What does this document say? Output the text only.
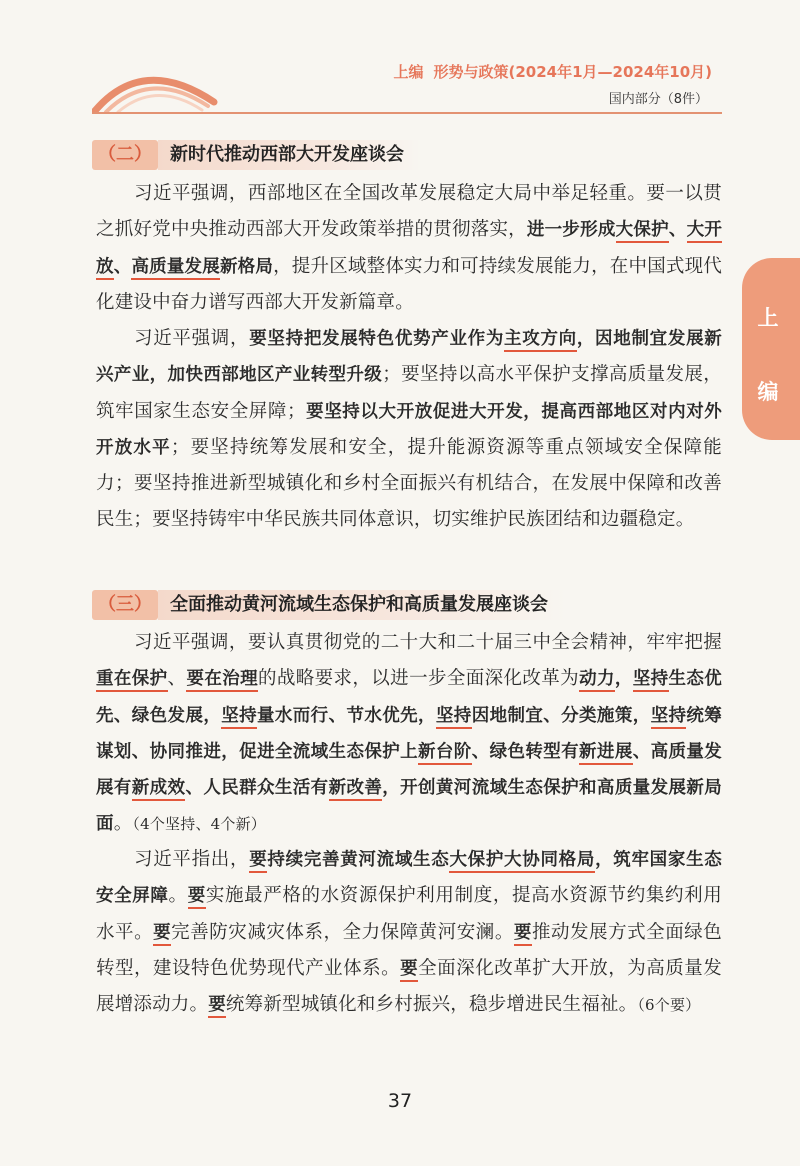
上编 形势与政策(2024年1月—2024年10月)
国内部分（8件）
上
编
（二）	新时代推动西部大开发座谈会

习近平强调，西部地区在全国改革发展稳定大局中举足轻重。要一以贯之抓好党中央推动西部大开发政策举措的贯彻落实，进一步形成大保护、大开放、高质量发展新格局，提升区域整体实力和可持续发展能力，在中国式现代化建设中奋力谱写西部大开发新篇章。

习近平强调，要坚持把发展特色优势产业作为主攻方向，因地制宜发展新兴产业，加快西部地区产业转型升级；要坚持以高水平保护支撑高质量发展，筑牢国家生态安全屏障；要坚持以大开放促进大开发，提高西部地区对内对外开放水平；要坚持统筹发展和安全，提升能源资源等重点领域安全保障能力；要坚持推进新型城镇化和乡村全面振兴有机结合，在发展中保障和改善民生；要坚持铸牢中华民族共同体意识，切实维护民族团结和边疆稳定。

（三）	全面推动黄河流域生态保护和高质量发展座谈会

习近平强调，要认真贯彻党的二十大和二十届三中全会精神，牢牢把握重在保护、要在治理的战略要求，以进一步全面深化改革为动力，坚持生态优先、绿色发展，坚持量水而行、节水优先，坚持因地制宜、分类施策，坚持统筹谋划、协同推进，促进全流域生态保护上新台阶、绿色转型有新进展、高质量发展有新成效、人民群众生活有新改善，开创黄河流域生态保护和高质量发展新局面。（4个坚持、4个新）

习近平指出，要持续完善黄河流域生态大保护大协同格局，筑牢国家生态安全屏障。要实施最严格的水资源保护利用制度，提高水资源节约集约利用水平。要完善防灾减灾体系，全力保障黄河安澜。要推动发展方式全面绿色转型，建设特色优势现代产业体系。要全面深化改革扩大开放，为高质量发展增添动力。要统筹新型城镇化和乡村振兴，稳步增进民生福祉。（6个要）

37
